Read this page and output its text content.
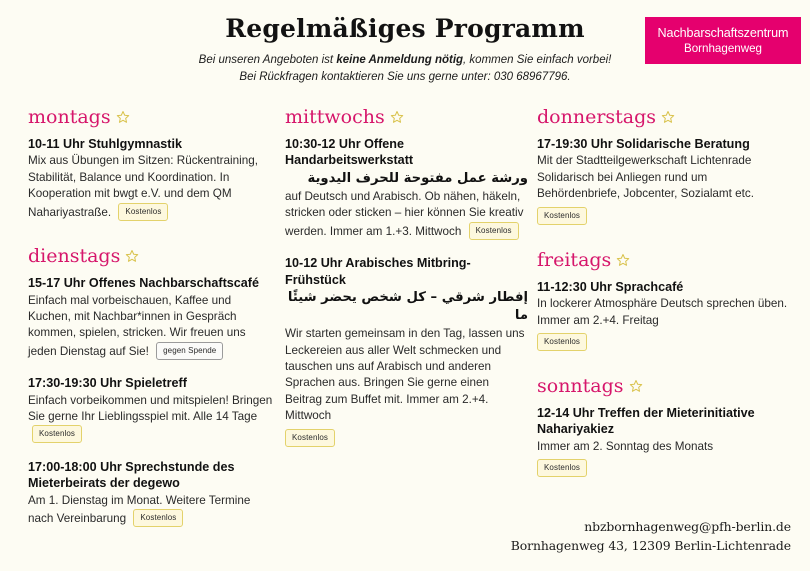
Regelmäßiges Programm
Bei unseren Angeboten ist keine Anmeldung nötig, kommen Sie einfach vorbei!
Bei Rückfragen kontaktieren Sie uns gerne unter: 030 68967796.
Nachbarschaftszentrum
Bornhagenweg
montags
10-11 Uhr Stuhlgymnastik
Mix aus Übungen im Sitzen: Rückentraining, Stabilität, Balance und Koordination. In Kooperation mit bwgt e.V. und dem QM Nahariyastraße. Kostenlos
dienstags
15-17 Uhr Offenes Nachbarschaftscafé
Einfach mal vorbeischauen, Kaffee und Kuchen, mit Nachbar*innen in Gespräch kommen, spielen, stricken. Wir freuen uns jeden Dienstag auf Sie! gegen Spende
17:30-19:30 Uhr Spieletreff
Einfach vorbeikommen und mitspielen! Bringen Sie gerne Ihr Lieblingsspiel mit. Alle 14 Tage Kostenlos
17:00-18:00 Uhr Sprechstunde des Mieterbeirats der degewo
Am 1. Dienstag im Monat. Weitere Termine nach Vereinbarung Kostenlos
mittwochs
10:30-12 Uhr Offene Handarbeitswerkstatt
ورشة عمل مفتوحة للحرف اليدوية
auf Deutsch und Arabisch. Ob nähen, häkeln, stricken oder sticken – hier können Sie kreativ werden. Immer am 1.+3. Mittwoch Kostenlos
10-12 Uhr Arabisches Mitbring-Frühstück
إفطار شرقي – كل شخص يحضر شيئًا ما
Wir starten gemeinsam in den Tag, lassen uns Leckereien aus aller Welt schmecken und tauschen uns auf Arabisch und anderen Sprachen aus. Bringen Sie gerne einen Beitrag zum Buffet mit. Immer am 2.+4. Mittwoch
Kostenlos
donnerstags
17-19:30 Uhr Solidarische Beratung
Mit der Stadtteilgewerkschaft Lichtenrade Solidarisch bei Anliegen rund um Behördenbriefe, Jobcenter, Sozialamt etc.
Kostenlos
freitags
11-12:30 Uhr Sprachcafé
In lockerer Atmosphäre Deutsch sprechen üben. Immer am 2.+4. Freitag
Kostenlos
sonntags
12-14 Uhr Treffen der Mieterinitiative Nahariyakiez
Immer am 2. Sonntag des Monats
Kostenlos
nbzbornhagenweg@pfh-berlin.de
Bornhagenweg 43, 12309 Berlin-Lichtenrade
